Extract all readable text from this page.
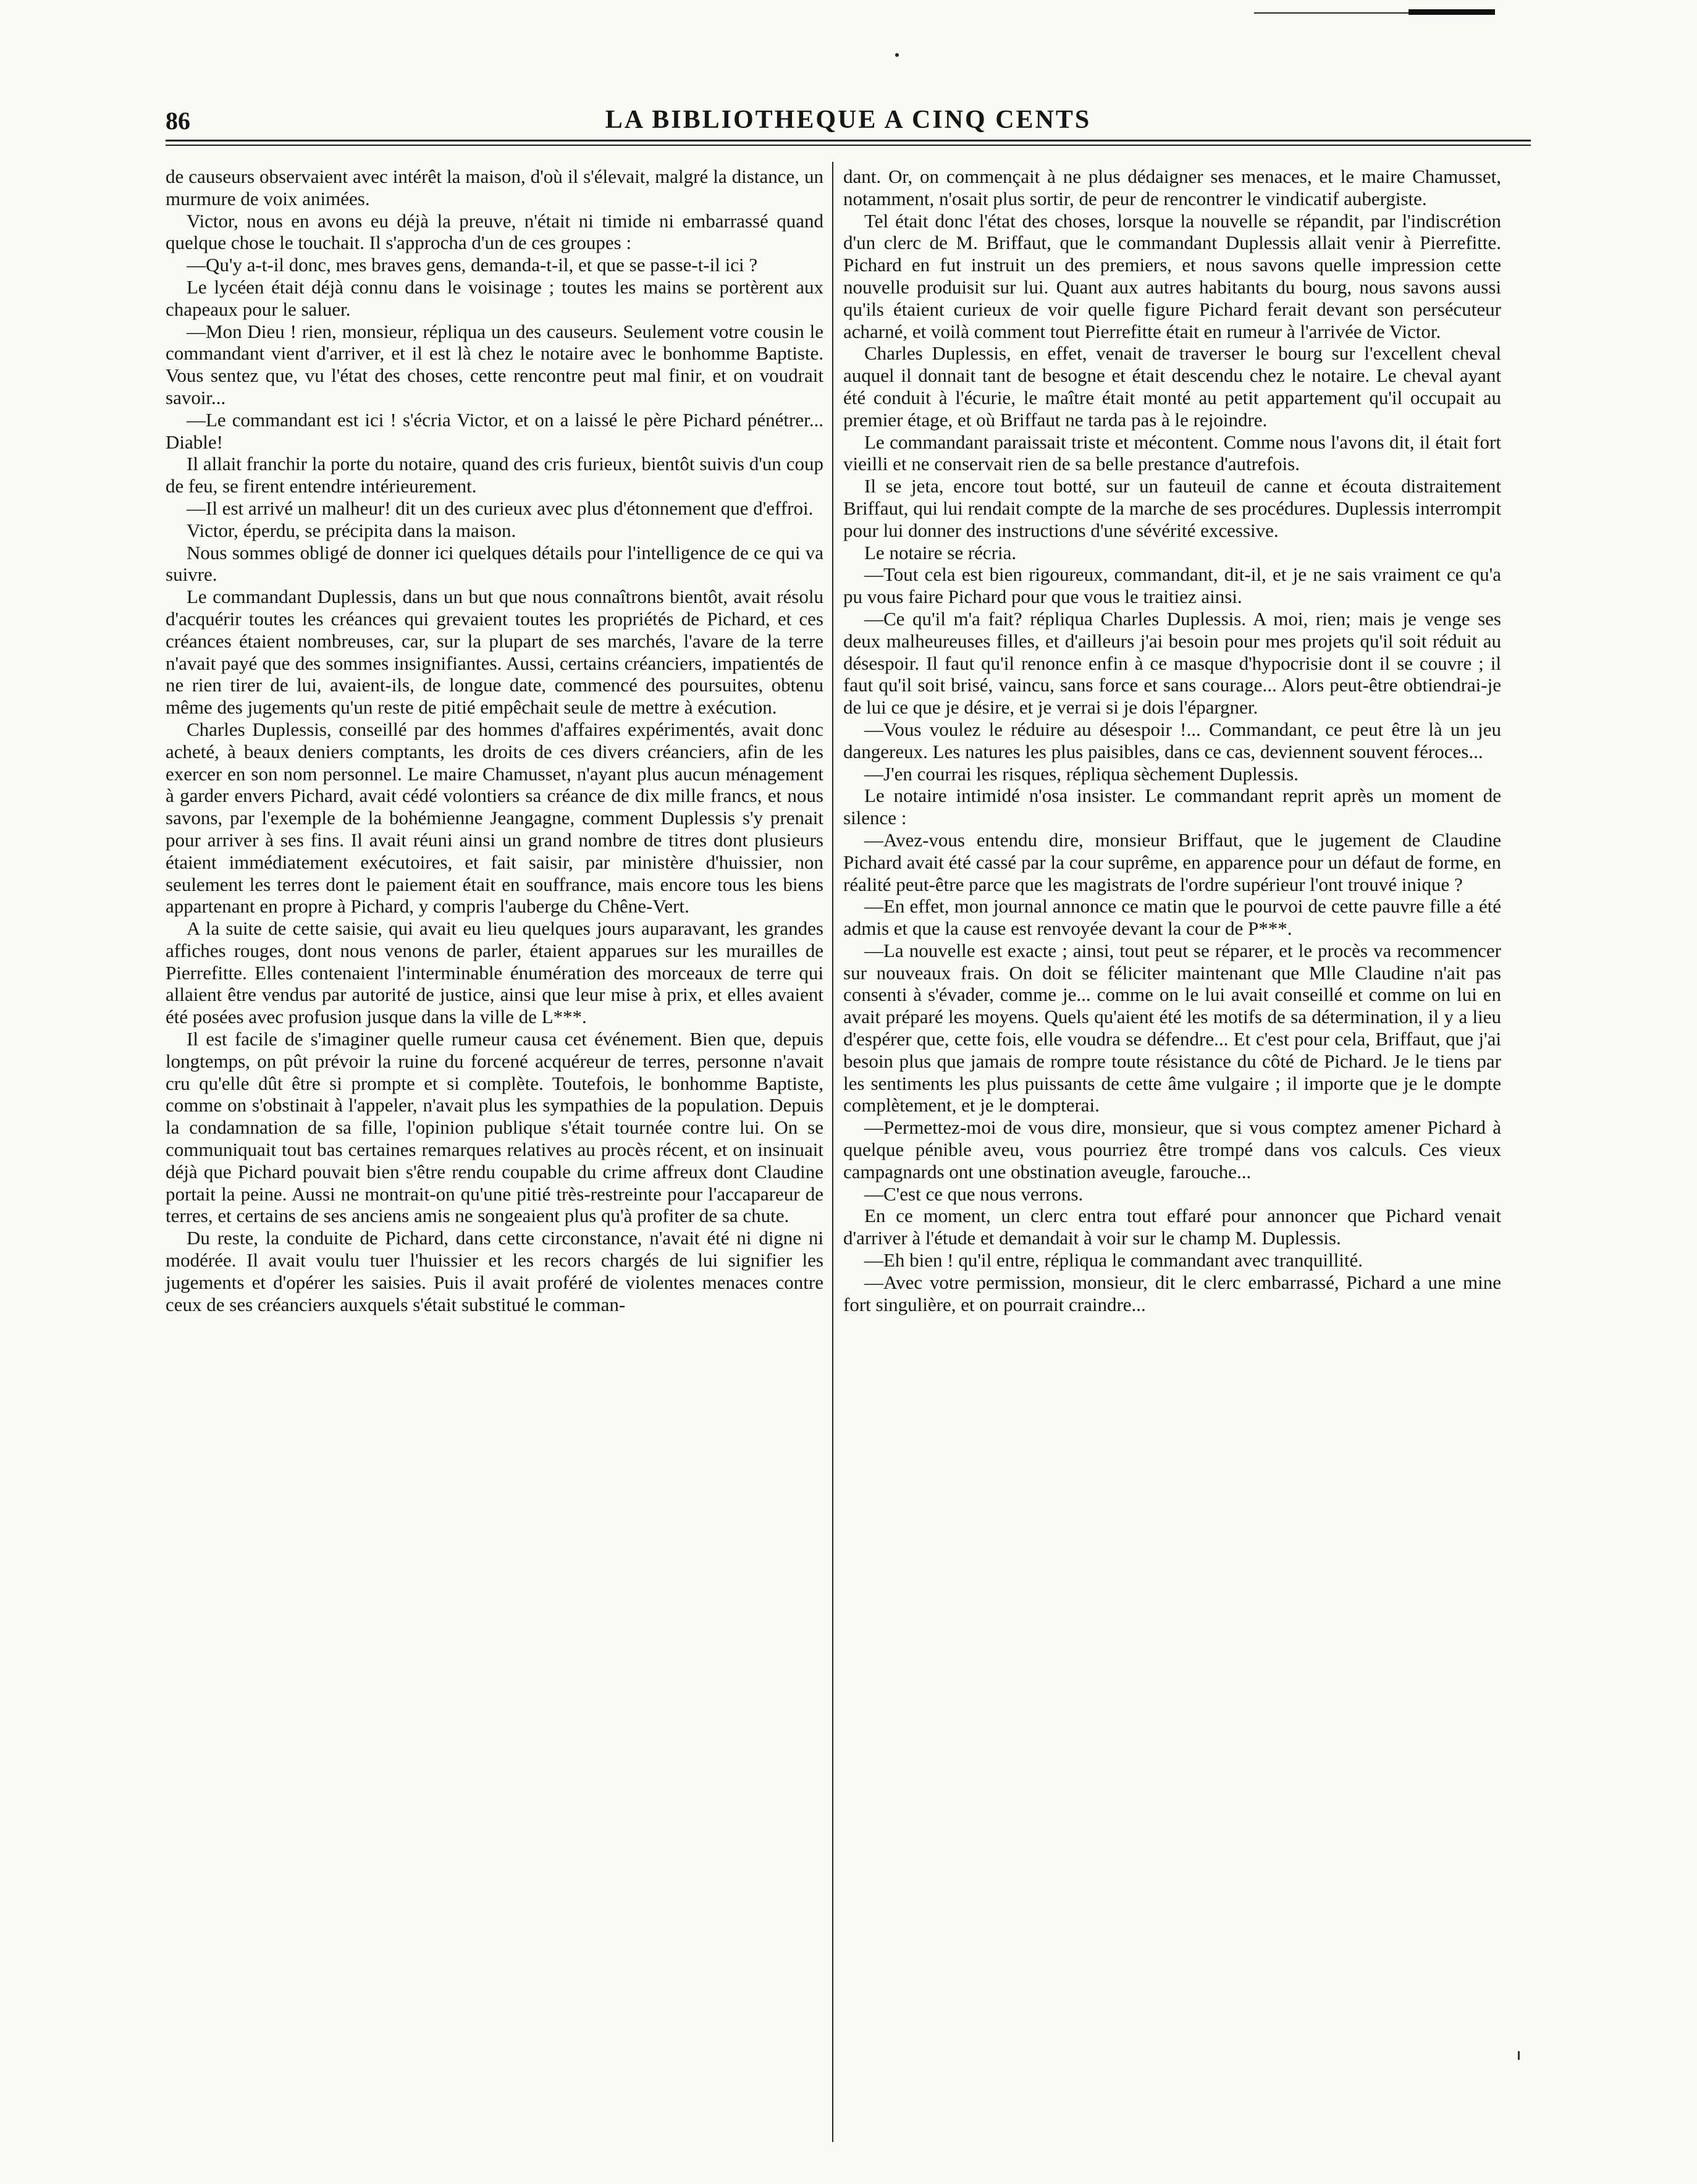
86	LA BIBLIOTHEQUE A CINQ CENTS

de causeurs observaient avec intérêt la maison, d'où il s'élevait, malgré la distance, un murmure de voix animées.

Victor, nous en avons eu déjà la preuve, n'était ni timide ni embarrassé quand quelque chose le touchait. Il s'approcha d'un de ces groupes :

—Qu'y a-t-il donc, mes braves gens, demanda-t-il, et que se passe-t-il ici ?

Le lycéen était déjà connu dans le voisinage ; toutes les mains se portèrent aux chapeaux pour le saluer.

—Mon Dieu ! rien, monsieur, répliqua un des causeurs. Seulement votre cousin le commandant vient d'arriver, et il est là chez le notaire avec le bonhomme Baptiste. Vous sentez que, vu l'état des choses, cette rencontre peut mal finir, et on voudrait savoir...

—Le commandant est ici ! s'écria Victor, et on a laissé le père Pichard pénétrer... Diable!

Il allait franchir la porte du notaire, quand des cris furieux, bientôt suivis d'un coup de feu, se firent entendre intérieurement.

—Il est arrivé un malheur! dit un des curieux avec plus d'étonnement que d'effroi.

Victor, éperdu, se précipita dans la maison.

Nous sommes obligé de donner ici quelques détails pour l'intelligence de ce qui va suivre.

Le commandant Duplessis, dans un but que nous connaîtrons bientôt, avait résolu d'acquérir toutes les créances qui grevaient toutes les propriétés de Pichard, et ces créances étaient nombreuses, car, sur la plupart de ses marchés, l'avare de la terre n'avait payé que des sommes insignifiantes. Aussi, certains créanciers, impatientés de ne rien tirer de lui, avaient-ils, de longue date, commencé des poursuites, obtenu même des jugements qu'un reste de pitié empêchait seule de mettre à exécution.

Charles Duplessis, conseillé par des hommes d'affaires expérimentés, avait donc acheté, à beaux deniers comptants, les droits de ces divers créanciers, afin de les exercer en son nom personnel. Le maire Chamusset, n'ayant plus aucun ménagement à garder envers Pichard, avait cédé volontiers sa créance de dix mille francs, et nous savons, par l'exemple de la bohémienne Jeangagne, comment Duplessis s'y prenait pour arriver à ses fins. Il avait réuni ainsi un grand nombre de titres dont plusieurs étaient immédiatement exécutoires, et fait saisir, par ministère d'huissier, non seulement les terres dont le paiement était en souffrance, mais encore tous les biens appartenant en propre à Pichard, y compris l'auberge du Chêne-Vert.

A la suite de cette saisie, qui avait eu lieu quelques jours auparavant, les grandes affiches rouges, dont nous venons de parler, étaient apparues sur les murailles de Pierrefitte. Elles contenaient l'interminable énumération des morceaux de terre qui allaient être vendus par autorité de justice, ainsi que leur mise à prix, et elles avaient été posées avec profusion jusque dans la ville de L***.

Il est facile de s'imaginer quelle rumeur causa cet événement. Bien que, depuis longtemps, on pût prévoir la ruine du forcené acquéreur de terres, personne n'avait cru qu'elle dût être si prompte et si complète. Toutefois, le bonhomme Baptiste, comme on s'obstinait à l'appeler, n'avait plus les sympathies de la population. Depuis la condamnation de sa fille, l'opinion publique s'était tournée contre lui. On se communiquait tout bas certaines remarques relatives au procès récent, et on insinuait déjà que Pichard pouvait bien s'être rendu coupable du crime affreux dont Claudine portait la peine. Aussi ne montrait-on qu'une pitié très-restreinte pour l'accapareur de terres, et certains de ses anciens amis ne songeaient plus qu'à profiter de sa chute.

Du reste, la conduite de Pichard, dans cette circonstance, n'avait été ni digne ni modérée. Il avait voulu tuer l'huissier et les recors chargés de lui signifier les jugements et d'opérer les saisies. Puis il avait proféré de violentes menaces contre ceux de ses créanciers auxquels s'était substitué le comman-

dant. Or, on commençait à ne plus dédaigner ses menaces, et le maire Chamusset, notamment, n'osait plus sortir, de peur de rencontrer le vindicatif aubergiste.

Tel était donc l'état des choses, lorsque la nouvelle se répandit, par l'indiscrétion d'un clerc de M. Briffaut, que le commandant Duplessis allait venir à Pierrefitte. Pichard en fut instruit un des premiers, et nous savons quelle impression cette nouvelle produisit sur lui. Quant aux autres habitants du bourg, nous savons aussi qu'ils étaient curieux de voir quelle figure Pichard ferait devant son persécuteur acharné, et voilà comment tout Pierrefitte était en rumeur à l'arrivée de Victor.

Charles Duplessis, en effet, venait de traverser le bourg sur l'excellent cheval auquel il donnait tant de besogne et était descendu chez le notaire. Le cheval ayant été conduit à l'écurie, le maître était monté au petit appartement qu'il occupait au premier étage, et où Briffaut ne tarda pas à le rejoindre.

Le commandant paraissait triste et mécontent. Comme nous l'avons dit, il était fort vieilli et ne conservait rien de sa belle prestance d'autrefois.

Il se jeta, encore tout botté, sur un fauteuil de canne et écouta distraitement Briffaut, qui lui rendait compte de la marche de ses procédures. Duplessis interrompit pour lui donner des instructions d'une sévérité excessive.

Le notaire se récria.

—Tout cela est bien rigoureux, commandant, dit-il, et je ne sais vraiment ce qu'a pu vous faire Pichard pour que vous le traitiez ainsi.

—Ce qu'il m'a fait? répliqua Charles Duplessis. A moi, rien; mais je venge ses deux malheureuses filles, et d'ailleurs j'ai besoin pour mes projets qu'il soit réduit au désespoir. Il faut qu'il renonce enfin à ce masque d'hypocrisie dont il se couvre ; il faut qu'il soit brisé, vaincu, sans force et sans courage... Alors peut-être obtiendrai-je de lui ce que je désire, et je verrai si je dois l'épargner.

—Vous voulez le réduire au désespoir !... Commandant, ce peut être là un jeu dangereux. Les natures les plus paisibles, dans ce cas, deviennent souvent féroces...

—J'en courrai les risques, répliqua sèchement Duplessis.

Le notaire intimidé n'osa insister. Le commandant reprit après un moment de silence :

—Avez-vous entendu dire, monsieur Briffaut, que le jugement de Claudine Pichard avait été cassé par la cour suprême, en apparence pour un défaut de forme, en réalité peut-être parce que les magistrats de l'ordre supérieur l'ont trouvé inique ?

—En effet, mon journal annonce ce matin que le pourvoi de cette pauvre fille a été admis et que la cause est renvoyée devant la cour de P***.

—La nouvelle est exacte ; ainsi, tout peut se réparer, et le procès va recommencer sur nouveaux frais. On doit se féliciter maintenant que Mlle Claudine n'ait pas consenti à s'évader, comme je... comme on le lui avait conseillé et comme on lui en avait préparé les moyens. Quels qu'aient été les motifs de sa détermination, il y a lieu d'espérer que, cette fois, elle voudra se défendre... Et c'est pour cela, Briffaut, que j'ai besoin plus que jamais de rompre toute résistance du côté de Pichard. Je le tiens par les sentiments les plus puissants de cette âme vulgaire ; il importe que je le dompte complètement, et je le dompterai.

—Permettez-moi de vous dire, monsieur, que si vous comptez amener Pichard à quelque pénible aveu, vous pourriez être trompé dans vos calculs. Ces vieux campagnards ont une obstination aveugle, farouche...

—C'est ce que nous verrons.

En ce moment, un clerc entra tout effaré pour annoncer que Pichard venait d'arriver à l'étude et demandait à voir sur le champ M. Duplessis.

—Eh bien ! qu'il entre, répliqua le commandant avec tranquillité.

—Avec votre permission, monsieur, dit le clerc embarrassé, Pichard a une mine fort singulière, et on pourrait craindre...
